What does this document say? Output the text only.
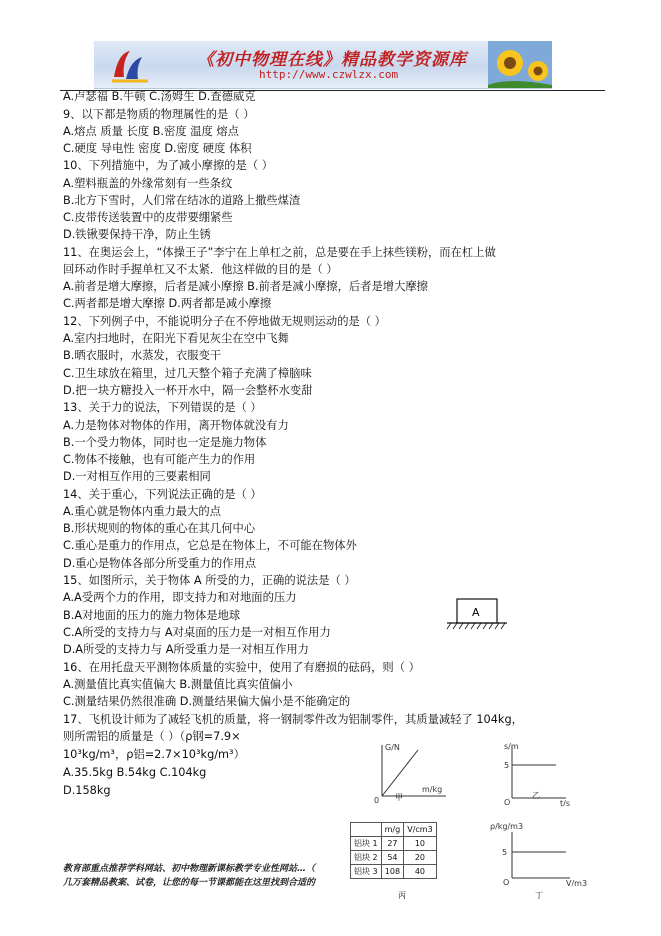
《初中物理在线》精品教学资源库
http://www.czwlzx.com
A.卢瑟福 B.牛顿 C.汤姆生 D.查德威克
9、以下都是物质的物理属性的是（ ）
A.熔点 质量 长度 B.密度 温度 熔点
C.硬度 导电性 密度 D.密度 硬度 体积
10、下列措施中，为了减小摩擦的是（ ）
A.塑料瓶盖的外缘常刻有一些条纹
B.北方下雪时，人们常在结冰的道路上撒些煤渣
C.皮带传送装置中的皮带要绷紧些
D.铁锹要保持干净，防止生锈
11、在奥运会上，“体操王子”李宁在上单杠之前，总是要在手上抹些镁粉，而在杠上做
回环动作时手握单杠又不太紧．他这样做的目的是（ ）
A.前者是增大摩擦，后者是减小摩擦 B.前者是减小摩擦，后者是增大摩擦
C.两者都是增大摩擦 D.两者都是减小摩擦
12、下列例子中，不能说明分子在不停地做无规则运动的是（ ）
A.室内扫地时，在阳光下看见灰尘在空中飞舞
B.晒衣服时，水蒸发，衣服变干
C.卫生球放在箱里，过几天整个箱子充满了樟脑味
D.把一块方糖投入一杯开水中，隔一会整杯水变甜
13、关于力的说法，下列错误的是（ ）
A.力是物体对物体的作用，离开物体就没有力
B.一个受力物体，同时也一定是施力物体
C.物体不接触，也有可能产生力的作用
D.一对相互作用的三要素相同
14、关于重心，下列说法正确的是（ ）
A.重心就是物体内重力最大的点
B.形状规则的物体的重心在其几何中心
C.重心是重力的作用点，它总是在物体上，不可能在物体外
D.重心是物体各部分所受重力的作用点
15、如图所示，关于物体 A 所受的力，正确的说法是（ ）
A.A受两个力的作用，即支持力和对地面的压力
B.A对地面的压力的施力物体是地球
C.A所受的支持力与 A对桌面的压力是一对相互作用力
D.A所受的支持力与 A所受重力是一对相互作用力
16、在用托盘天平测物体质量的实验中，使用了有磨损的砝码，则（ ）
A.测量值比真实值偏大 B.测量值比真实值偏小
C.测量结果仍然很准确 D.测量结果偏大偏小是不能确定的
17、飞机设计师为了减轻飞机的质量，将一钢制零件改为铝制零件，其质量减轻了 104kg，
则所需铝的质量是（ ）（ρ钢=7.9×
10³kg/m³，ρ铝=2.7×10³kg/m³）
A.35.5kg B.54kg C.104kg
D.158kg
A
G/N
m/kg
0 甲
s/m
5
t/s
O
乙
	m/g	V/cm3
铝块 1	27	10
铝块 2	54	20
铝块 3	108	40
丙
ρ/kg/m3
5
V/m3
O
丁
教育部重点推荐学科网站、初中物理新课标教学专业性网站…（
几万套精品教案、试卷，让您的每一节课都能在这里找到合适的
